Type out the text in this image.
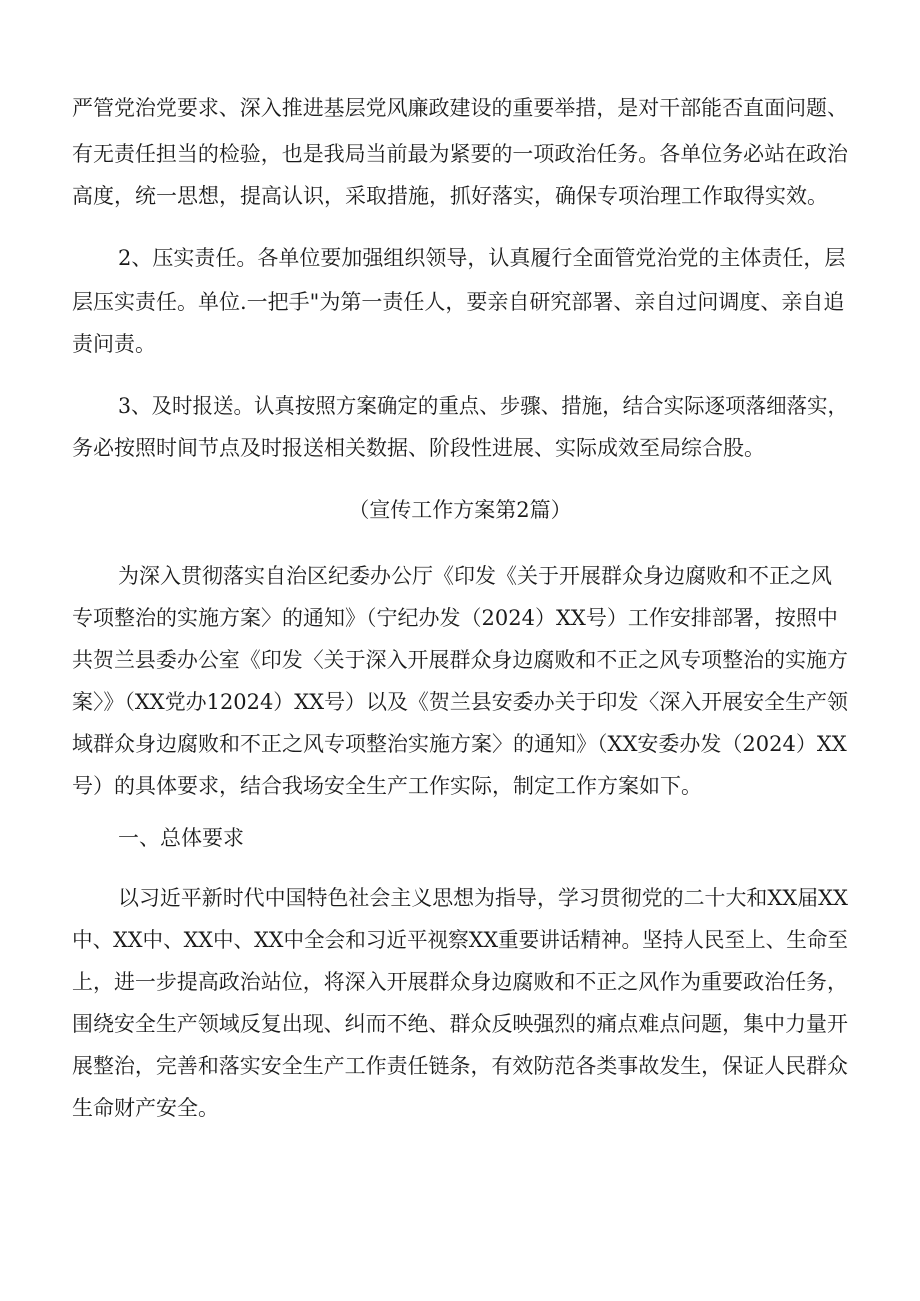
严管党治党要求、深入推进基层党风廉政建设的重要举措，是对干部能否直面问题、
有无责任担当的检验，也是我局当前最为紧要的一项政治任务。各单位务必站在政治
高度，统一思想，提高认识，采取措施，抓好落实，确保专项治理工作取得实效。
2、压实责任。各单位要加强组织领导，认真履行全面管党治党的主体责任，层
层压实责任。单位.一把手"为第一责任人，要亲自研究部署、亲自过问调度、亲自追
责问责。
3、及时报送。认真按照方案确定的重点、步骤、措施，结合实际逐项落细落实，
务必按照时间节点及时报送相关数据、阶段性进展、实际成效至局综合股。
（宣传工作方案第2篇）
为深入贯彻落实自治区纪委办公厅《印发《关于开展群众身边腐败和不正之风
专项整治的实施方案〉的通知》（宁纪办发（2024）XX号）工作安排部署，按照中
共贺兰县委办公室《印发〈关于深入开展群众身边腐败和不正之风专项整治的实施方
案〉》（XX党办12024）XX号）以及《贺兰县安委办关于印发〈深入开展安全生产领
域群众身边腐败和不正之风专项整治实施方案〉的通知》（XX安委办发（2024）XX
号）的具体要求，结合我场安全生产工作实际，制定工作方案如下。
一、总体要求
以习近平新时代中国特色社会主义思想为指导，学习贯彻党的二十大和XX届XX
中、XX中、XX中、XX中全会和习近平视察XX重要讲话精神。坚持人民至上、生命至
上，进一步提高政治站位，将深入开展群众身边腐败和不正之风作为重要政治任务，
围绕安全生产领域反复出现、纠而不绝、群众反映强烈的痛点难点问题，集中力量开
展整治，完善和落实安全生产工作责任链条，有效防范各类事故发生，保证人民群众
生命财产安全。
